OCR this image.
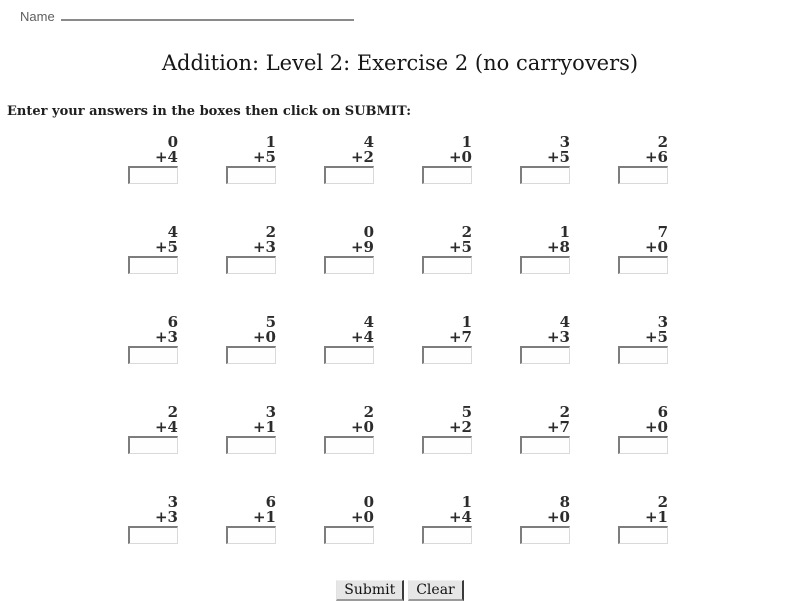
Name
Addition: Level 2: Exercise 2 (no carryovers)
Enter your answers in the boxes then click on SUBMIT:
0
+4
1
+5
4
+2
1
+0
3
+5
2
+6
4
+5
2
+3
0
+9
2
+5
1
+8
7
+0
6
+3
5
+0
4
+4
1
+7
4
+3
3
+5
2
+4
3
+1
2
+0
5
+2
2
+7
6
+0
3
+3
6
+1
0
+0
1
+4
8
+0
2
+1
Submit Clear
